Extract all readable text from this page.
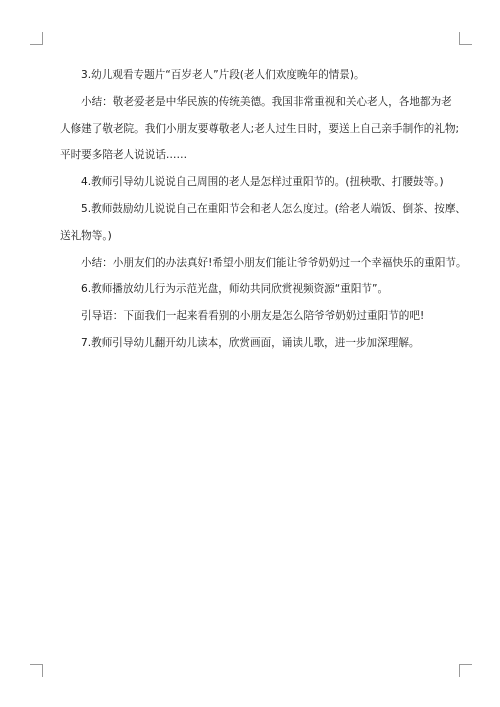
3.幼儿观看专题片“百岁老人”片段(老人们欢度晚年的情景)。

小结：敬老爱老是中华民族的传统美德。我国非常重视和关心老人，各地都为老
人修建了敬老院。我们小朋友要尊敬老人;老人过生日时，要送上自己亲手制作的礼物;
平时要多陪老人说说话……

4.教师引导幼儿说说自己周围的老人是怎样过重阳节的。(扭秧歌、打腰鼓等。)

5.教师鼓励幼儿说说自己在重阳节会和老人怎么度过。(给老人端饭、倒茶、按摩、
送礼物等。)

小结：小朋友们的办法真好!希望小朋友们能让爷爷奶奶过一个幸福快乐的重阳节。

6.教师播放幼儿行为示范光盘，师幼共同欣赏视频资源“重阳节”。

引导语：下面我们一起来看看别的小朋友是怎么陪爷爷奶奶过重阳节的吧!

7.教师引导幼儿翻开幼儿读本，欣赏画面，诵读儿歌，进一步加深理解。
